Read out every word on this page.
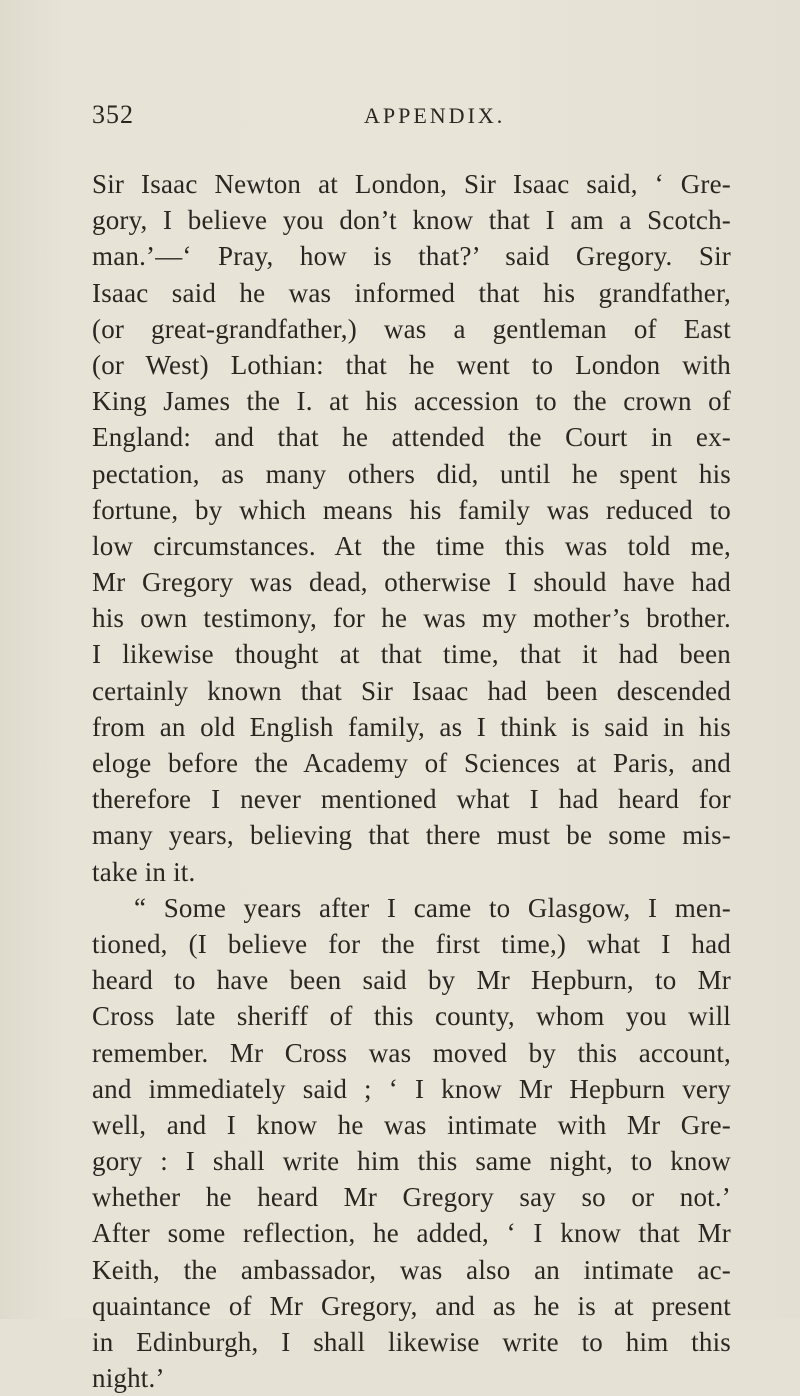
352	APPENDIX.
Sir Isaac Newton at London, Sir Isaac said, ‘ Gre-
gory, I believe you don’t know that I am a Scotch-
man.’—‘ Pray, how is that?’ said Gregory. Sir
Isaac said he was informed that his grandfather,
(or great-grandfather,) was a gentleman of East
(or West) Lothian: that he went to London with
King James the I. at his accession to the crown of
England: and that he attended the Court in ex-
pectation, as many others did, until he spent his
fortune, by which means his family was reduced to
low circumstances. At the time this was told me,
Mr Gregory was dead, otherwise I should have had
his own testimony, for he was my mother’s brother.
I likewise thought at that time, that it had been
certainly known that Sir Isaac had been descended
from an old English family, as I think is said in his
eloge before the Academy of Sciences at Paris, and
therefore I never mentioned what I had heard for
many years, believing that there must be some mis-
take in it.
“ Some years after I came to Glasgow, I men-
tioned, (I believe for the first time,) what I had
heard to have been said by Mr Hepburn, to Mr
Cross late sheriff of this county, whom you will
remember. Mr Cross was moved by this account,
and immediately said ; ‘ I know Mr Hepburn very
well, and I know he was intimate with Mr Gre-
gory : I shall write him this same night, to know
whether he heard Mr Gregory say so or not.’
After some reflection, he added, ‘ I know that Mr
Keith, the ambassador, was also an intimate ac-
quaintance of Mr Gregory, and as he is at present
in Edinburgh, I shall likewise write to him this
night.’
